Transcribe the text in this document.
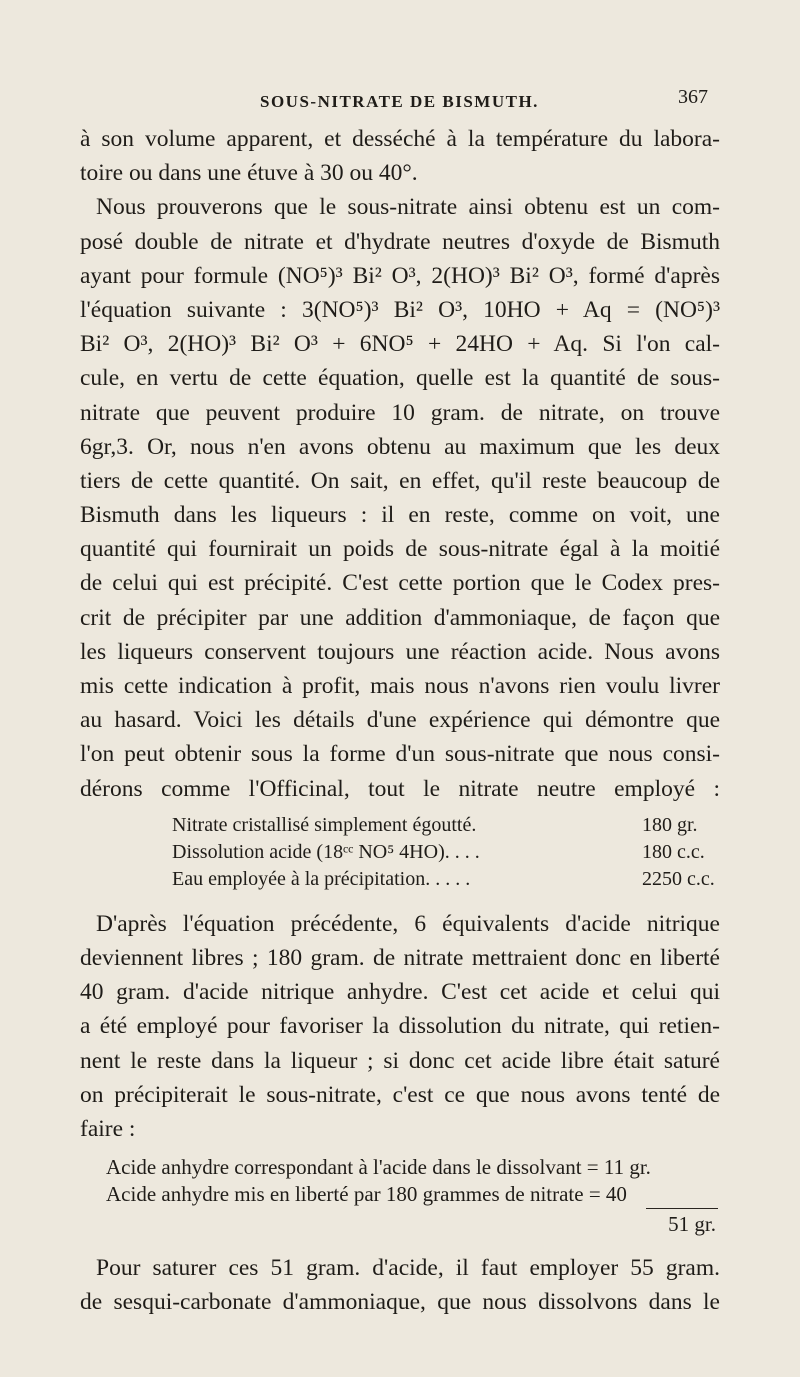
SOUS-NITRATE DE BISMUTH.	367
à son volume apparent, et desséché à la température du labora-
toire ou dans une étuve à 30 ou 40°.
Nous prouverons que le sous-nitrate ainsi obtenu est un com-
posé double de nitrate et d'hydrate neutres d'oxyde de Bismuth
ayant pour formule (NO⁵)³ Bi² O³, 2(HO)³ Bi² O³, formé d'après
l'équation suivante : 3(NO⁵)³ Bi² O³, 10HO + Aq = (NO⁵)³
Bi² O³, 2(HO)³ Bi² O³ + 6NO⁵ + 24HO + Aq. Si l'on cal-
cule, en vertu de cette équation, quelle est la quantité de sous-
nitrate que peuvent produire 10 gram. de nitrate, on trouve
6gr,3. Or, nous n'en avons obtenu au maximum que les deux
tiers de cette quantité. On sait, en effet, qu'il reste beaucoup de
Bismuth dans les liqueurs : il en reste, comme on voit, une
quantité qui fournirait un poids de sous-nitrate égal à la moitié
de celui qui est précipité. C'est cette portion que le Codex pres-
crit de précipiter par une addition d'ammoniaque, de façon que
les liqueurs conservent toujours une réaction acide. Nous avons
mis cette indication à profit, mais nous n'avons rien voulu livrer
au hasard. Voici les détails d'une expérience qui démontre que
l'on peut obtenir sous la forme d'un sous-nitrate que nous consi-
dérons comme l'Officinal, tout le nitrate neutre employé :
Nitrate cristallisé simplement égoutté.	180 gr.
Dissolution acide (18ᶜᶜ NO⁵ 4HO). . . .	180 c.c.
Eau employée à la précipitation. . . . .	2250 c.c.
D'après l'équation précédente, 6 équivalents d'acide nitrique
deviennent libres ; 180 gram. de nitrate mettraient donc en liberté
40 gram. d'acide nitrique anhydre. C'est cet acide et celui qui
a été employé pour favoriser la dissolution du nitrate, qui retien-
nent le reste dans la liqueur ; si donc cet acide libre était saturé
on précipiterait le sous-nitrate, c'est ce que nous avons tenté de
faire :
Acide anhydre correspondant à l'acide dans le dissolvant = 11 gr.
Acide anhydre mis en liberté par 180 grammes de nitrate = 40
51 gr.
Pour saturer ces 51 gram. d'acide, il faut employer 55 gram.
de sesqui-carbonate d'ammoniaque, que nous dissolvons dans le
